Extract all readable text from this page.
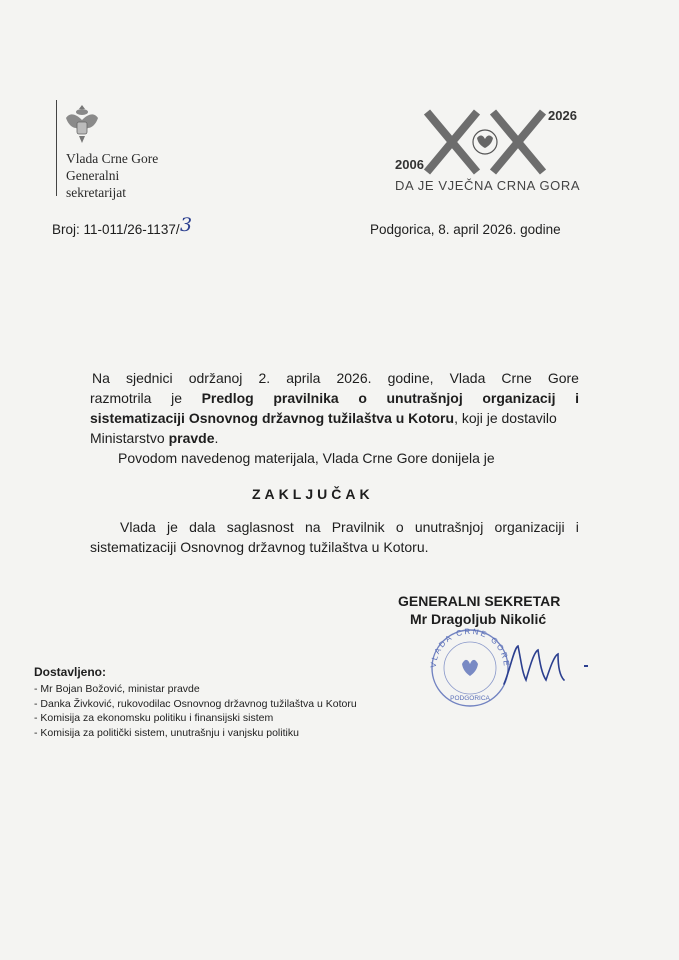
Vlada Crne Gore
Generalni
sekretarijat
2006
2026
DA JE VJEČNA CRNA GORA
Broj: 11-011/26-1137/ 3	Podgorica, 8. april 2026. godine
Na sjednici održanoj 2. aprila 2026. godine, Vlada Crne Gore
razmotrila je Predlog pravilnika o unutrašnjoj organizacij i
sistematizaciji Osnovnog državnog tužilaštva u Kotoru, koji je dostavilo
Ministarstvo pravde.
Povodom navedenog materijala, Vlada Crne Gore donijela je
ZAKLJUČAK
Vlada je dala saglasnost na Pravilnik o unutrašnjoj organizaciji i
sistematizaciji Osnovnog državnog tužilaštva u Kotoru.
GENERALNI SEKRETAR
Mr Dragoljub Nikolić
VLADA CRNE GORE
PODGORICA
Dostavljeno:
- Mr Bojan Božović, ministar pravde
- Danka Živković, rukovodilac Osnovnog državnog tužilaštva u Kotoru
- Komisija za ekonomsku politiku i finansijski sistem
- Komisija za politički sistem, unutrašnju i vanjsku politiku
